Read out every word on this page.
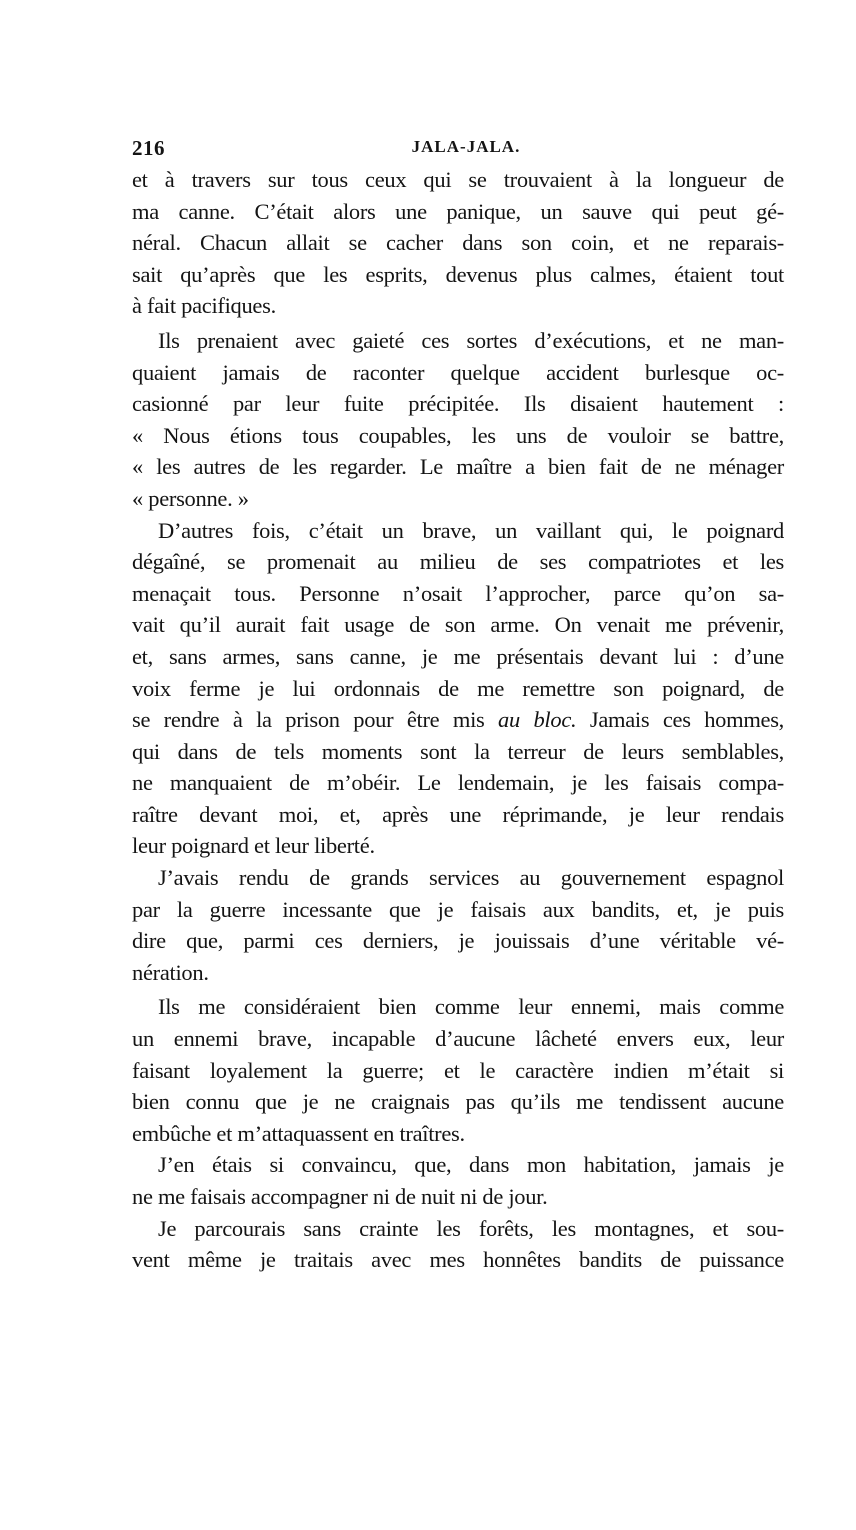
216	JALA-JALA.
et à travers sur tous ceux qui se trouvaient à la longueur de
ma canne. C’était alors une panique, un sauve qui peut gé-
néral. Chacun allait se cacher dans son coin, et ne reparais-
sait qu’après que les esprits, devenus plus calmes, étaient tout
à fait pacifiques.
Ils prenaient avec gaieté ces sortes d’exécutions, et ne man-
quaient jamais de raconter quelque accident burlesque oc-
casionné par leur fuite précipitée. Ils disaient hautement :
« Nous étions tous coupables, les uns de vouloir se battre,
« les autres de les regarder. Le maître a bien fait de ne ménager
« personne. »
D’autres fois, c’était un brave, un vaillant qui, le poignard
dégaîné, se promenait au milieu de ses compatriotes et les
menaçait tous. Personne n’osait l’approcher, parce qu’on sa-
vait qu’il aurait fait usage de son arme. On venait me prévenir,
et, sans armes, sans canne, je me présentais devant lui : d’une
voix ferme je lui ordonnais de me remettre son poignard, de
se rendre à la prison pour être mis au bloc. Jamais ces hommes,
qui dans de tels moments sont la terreur de leurs semblables,
ne manquaient de m’obéir. Le lendemain, je les faisais compa-
raître devant moi, et, après une réprimande, je leur rendais
leur poignard et leur liberté.
J’avais rendu de grands services au gouvernement espagnol
par la guerre incessante que je faisais aux bandits, et, je puis
dire que, parmi ces derniers, je jouissais d’une véritable vé-
nération.
Ils me considéraient bien comme leur ennemi, mais comme
un ennemi brave, incapable d’aucune lâcheté envers eux, leur
faisant loyalement la guerre; et le caractère indien m’était si
bien connu que je ne craignais pas qu’ils me tendissent aucune
embûche et m’attaquassent en traîtres.
J’en étais si convaincu, que, dans mon habitation, jamais je
ne me faisais accompagner ni de nuit ni de jour.
Je parcourais sans crainte les forêts, les montagnes, et sou-
vent même je traitais avec mes honnêtes bandits de puissance
